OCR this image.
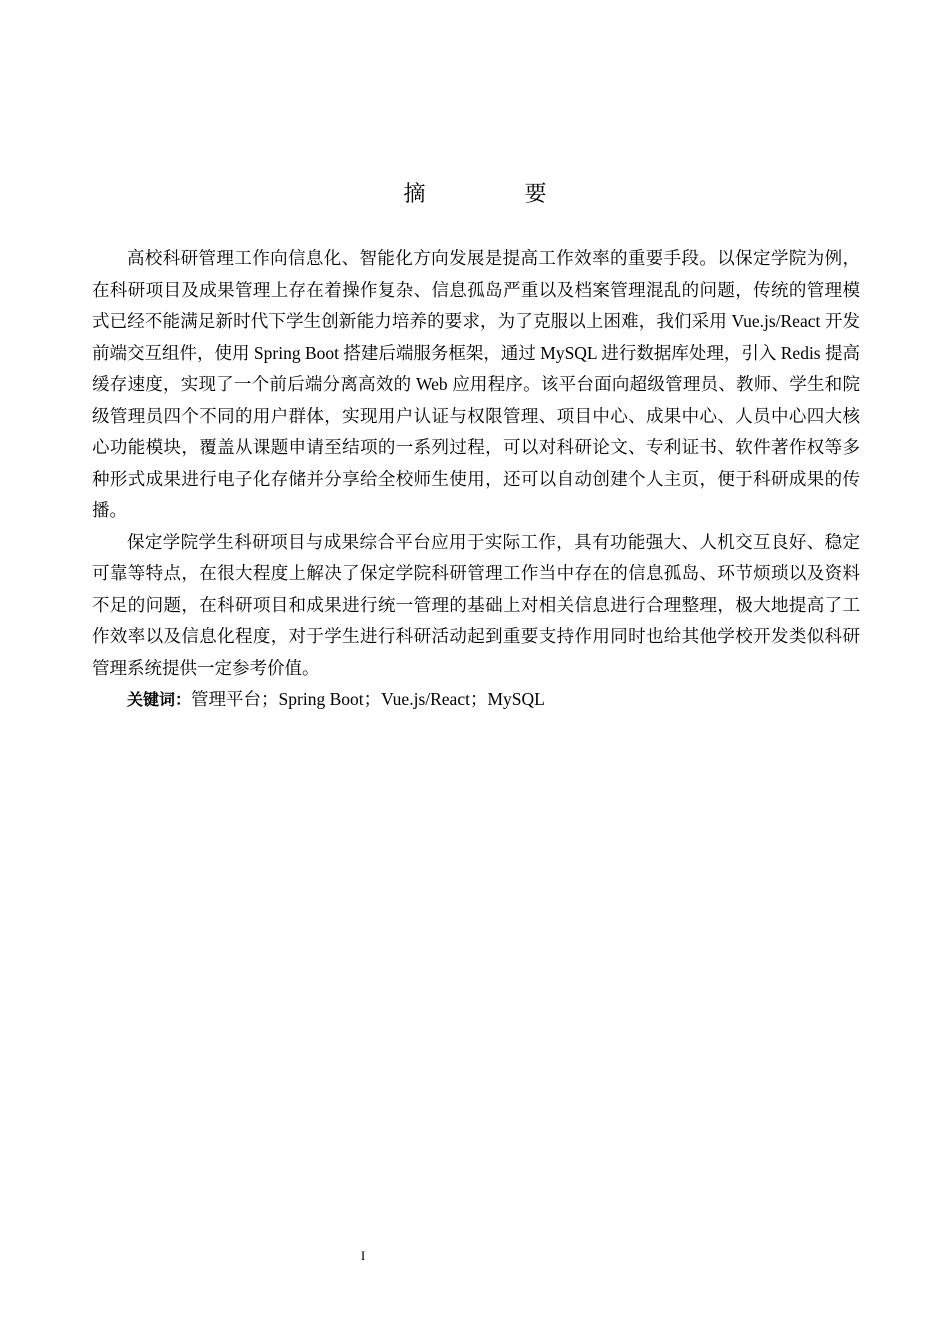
摘 要

高校科研管理工作向信息化、智能化方向发展是提高工作效率的重要手段。以保定学院为例，在科研项目及成果管理上存在着操作复杂、信息孤岛严重以及档案管理混乱的问题，传统的管理模式已经不能满足新时代下学生创新能力培养的要求，为了克服以上困难，我们采用 Vue.js/React 开发前端交互组件，使用 Spring Boot 搭建后端服务框架，通过 MySQL 进行数据库处理，引入 Redis 提高缓存速度，实现了一个前后端分离高效的 Web 应用程序。该平台面向超级管理员、教师、学生和院级管理员四个不同的用户群体，实现用户认证与权限管理、项目中心、成果中心、人员中心四大核心功能模块，覆盖从课题申请至结项的一系列过程，可以对科研论文、专利证书、软件著作权等多种形式成果进行电子化存储并分享给全校师生使用，还可以自动创建个人主页，便于科研成果的传播。

保定学院学生科研项目与成果综合平台应用于实际工作，具有功能强大、人机交互良好、稳定可靠等特点，在很大程度上解决了保定学院科研管理工作当中存在的信息孤岛、环节烦琐以及资料不足的问题，在科研项目和成果进行统一管理的基础上对相关信息进行合理整理，极大地提高了工作效率以及信息化程度，对于学生进行科研活动起到重要支持作用同时也给其他学校开发类似科研管理系统提供一定参考价值。

关键词：管理平台；Spring Boot；Vue.js/React；MySQL

I
